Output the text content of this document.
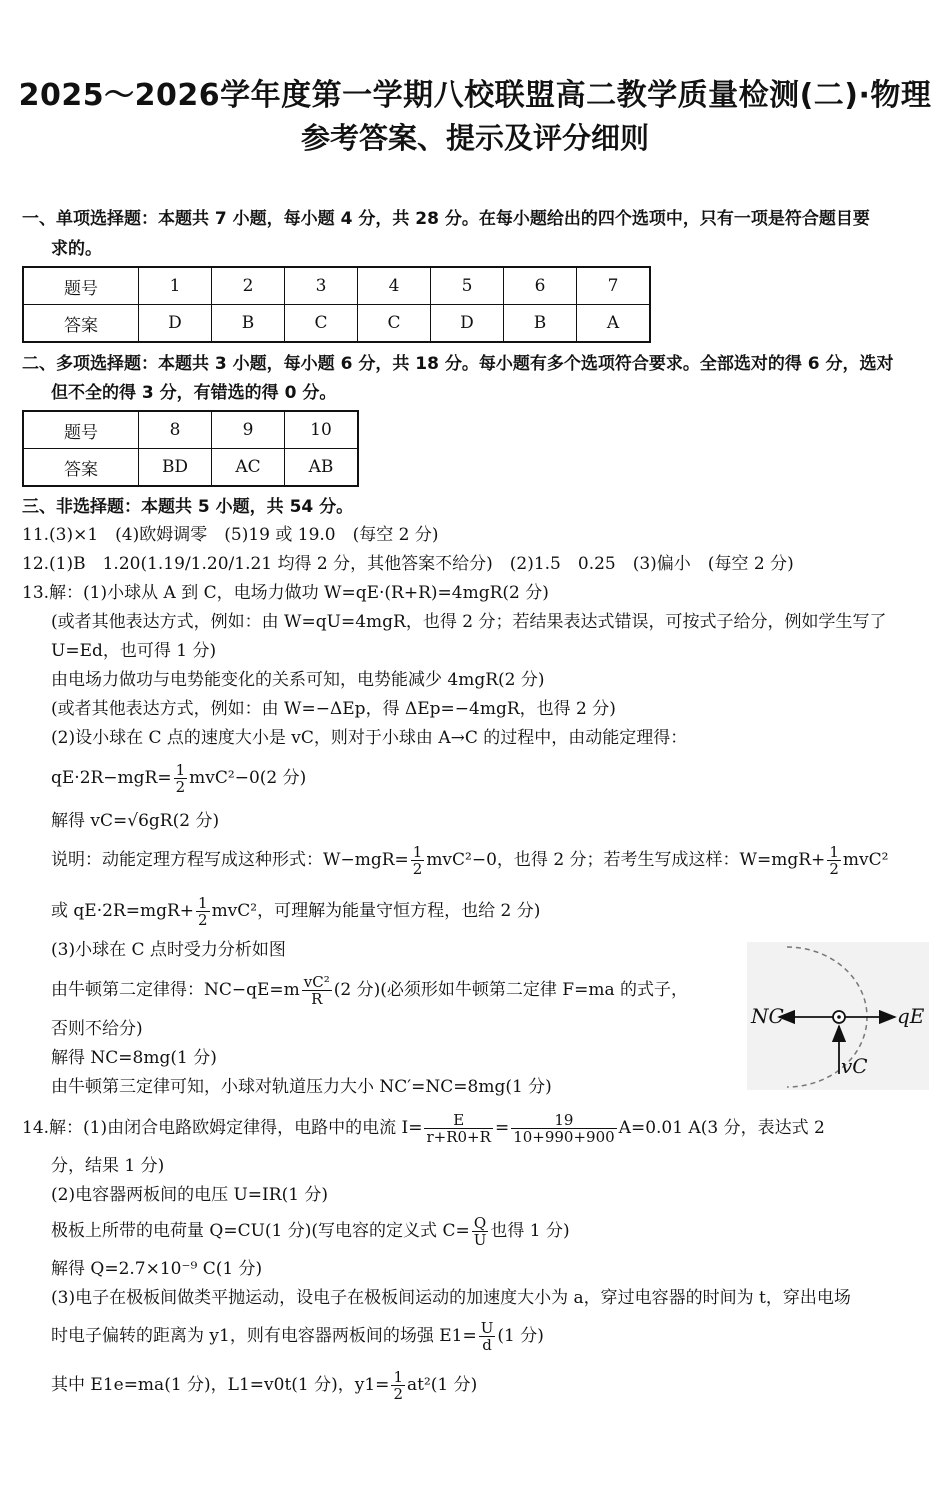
2025～2026学年度第一学期八校联盟高二教学质量检测(二)·物理
参考答案、提示及评分细则
一、单项选择题：本题共 7 小题，每小题 4 分，共 28 分。在每小题给出的四个选项中，只有一项是符合题目要
求的。
题号	1	2	3	4	5	6	7
答案	D	B	C	C	D	B	A
二、多项选择题：本题共 3 小题，每小题 6 分，共 18 分。每小题有多个选项符合要求。全部选对的得 6 分，选对
但不全的得 3 分，有错选的得 0 分。
题号	8	9	10
答案	BD	AC	AB
三、非选择题：本题共 5 小题，共 54 分。
11.(3)×1　(4)欧姆调零　(5)19 或 19.0　(每空 2 分)
12.(1)B　1.20(1.19/1.20/1.21 均得 2 分，其他答案不给分)　(2)1.5　0.25　(3)偏小　(每空 2 分)
13.解：(1)小球从 A 到 C，电场力做功 W=qE·(R+R)=4mgR(2 分)
(或者其他表达方式，例如：由 W=qU=4mgR，也得 2 分；若结果表达式错误，可按式子给分，例如学生写了
U=Ed，也可得 1 分)
由电场力做功与电势能变化的关系可知，电势能减少 4mgR(2 分)
(或者其他表达方式，例如：由 W=−ΔEp，得 ΔEp=−4mgR，也得 2 分)
(2)设小球在 C 点的速度大小是 vC，则对于小球由 A→C 的过程中，由动能定理得：
$qE\cdot 2R-mgR= \frac{1}{2} mvC^2-0(2$ 分)
解得 vC=√6gR(2 分)
说明：动能定理方程写成这种形式：$W-mgR= \frac{1}{2} mvC^2-0$，也得 2 分；若考生写成这样：$W=mgR+ \frac{1}{2} mvC^2$
或 $qE\cdot 2R=mgR+ \frac{1}{2} mvC^2$，可理解为能量守恒方程，也给 2 分)
(3)小球在 C 点时受力分析如图
由牛顿第二定律得：$NC-qE=m \frac{\text{vC²}}{R} (2$ 分)(必须形如牛顿第二定律 F=ma 的式子，
否则不给分)
解得 NC=8mg(1 分)
由牛顿第三定律可知，小球对轨道压力大小 NC′=NC=8mg(1 分)
NC	qE
vC
14.解：(1)由闭合电路欧姆定律得，电路中的电流 $I= \frac{E}{r+R0+R} = \frac{19}{10+990+900} A=0.01$ A(3 分，表达式 2
分，结果 1 分)
(2)电容器两板间的电压 U=IR(1 分)
极板上所带的电荷量 Q=CU(1 分)(写电容的定义式 $C= \frac{Q}{U}$ 也得 1 分)
解得 Q=2.7×10⁻⁹ C(1 分)
(3)电子在极板间做类平抛运动，设电子在极板间运动的加速度大小为 a，穿过电容器的时间为 t，穿出电场
时电子偏转的距离为 y1，则有电容器两板间的场强 $E1= \frac{U}{d} (1$ 分)
其中 E1e=ma(1 分)，L1=v0t(1 分)，$y1= \frac{1}{2} at^2(1$ 分)
